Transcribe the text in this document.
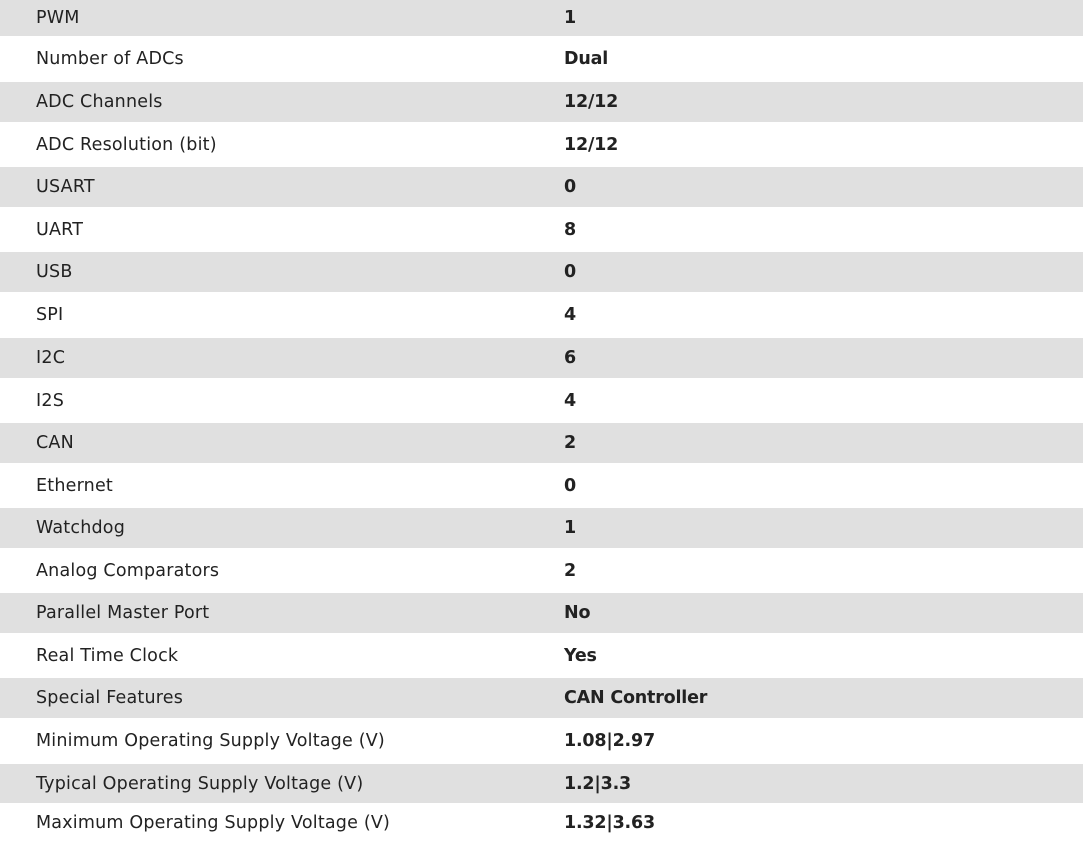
PWM	1
Number of ADCs	Dual
ADC Channels	12/12
ADC Resolution (bit)	12/12
USART	0
UART	8
USB	0
SPI	4
I2C	6
I2S	4
CAN	2
Ethernet	0
Watchdog	1
Analog Comparators	2
Parallel Master Port	No
Real Time Clock	Yes
Special Features	CAN Controller
Minimum Operating Supply Voltage (V)	1.08|2.97
Typical Operating Supply Voltage (V)	1.2|3.3
Maximum Operating Supply Voltage (V)	1.32|3.63
